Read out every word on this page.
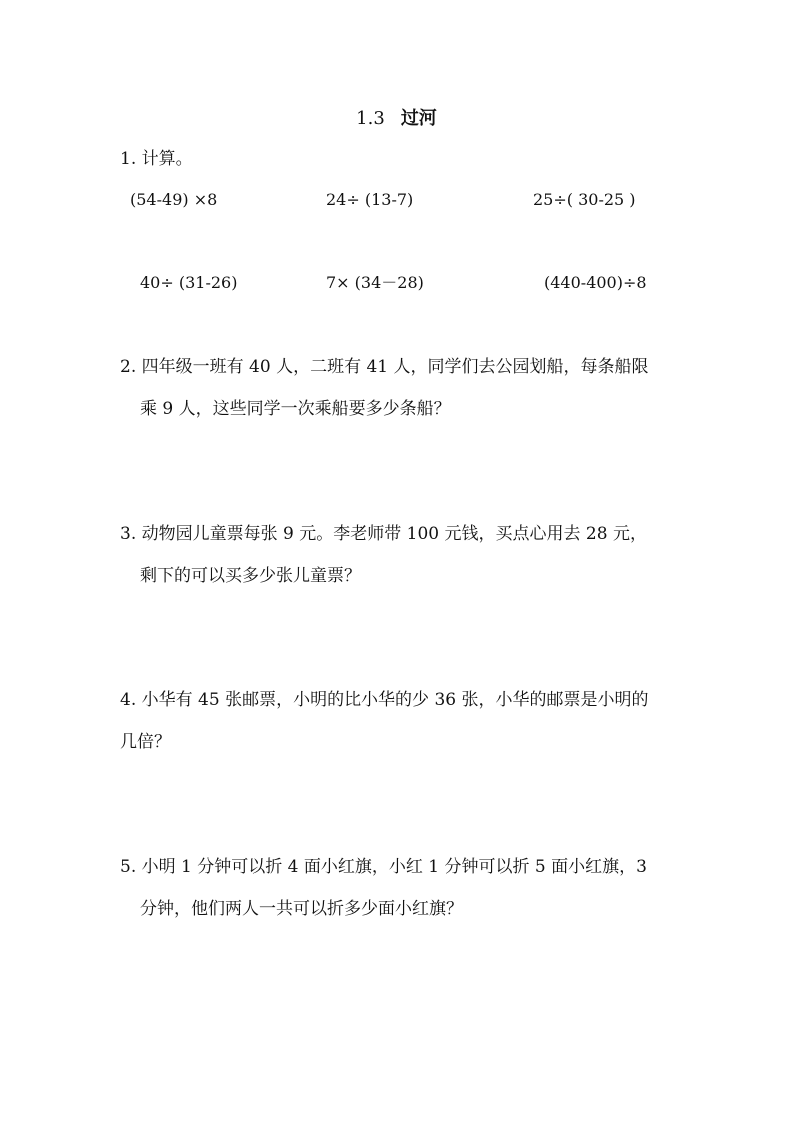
1.3 过河
1. 计算。
(54-49) ×8	24÷ (13-7)	25÷( 30-25 )
40÷ (31-26)	7× (34－28)	(440-400)÷8
2. 四年级一班有 40 人，二班有 41 人，同学们去公园划船，每条船限
乘 9 人，这些同学一次乘船要多少条船？
3. 动物园儿童票每张 9 元。李老师带 100 元钱，买点心用去 28 元，
剩下的可以买多少张儿童票？
4. 小华有 45 张邮票，小明的比小华的少 36 张，小华的邮票是小明的
几倍？
5. 小明 1 分钟可以折 4 面小红旗，小红 1 分钟可以折 5 面小红旗，3
分钟，他们两人一共可以折多少面小红旗？
